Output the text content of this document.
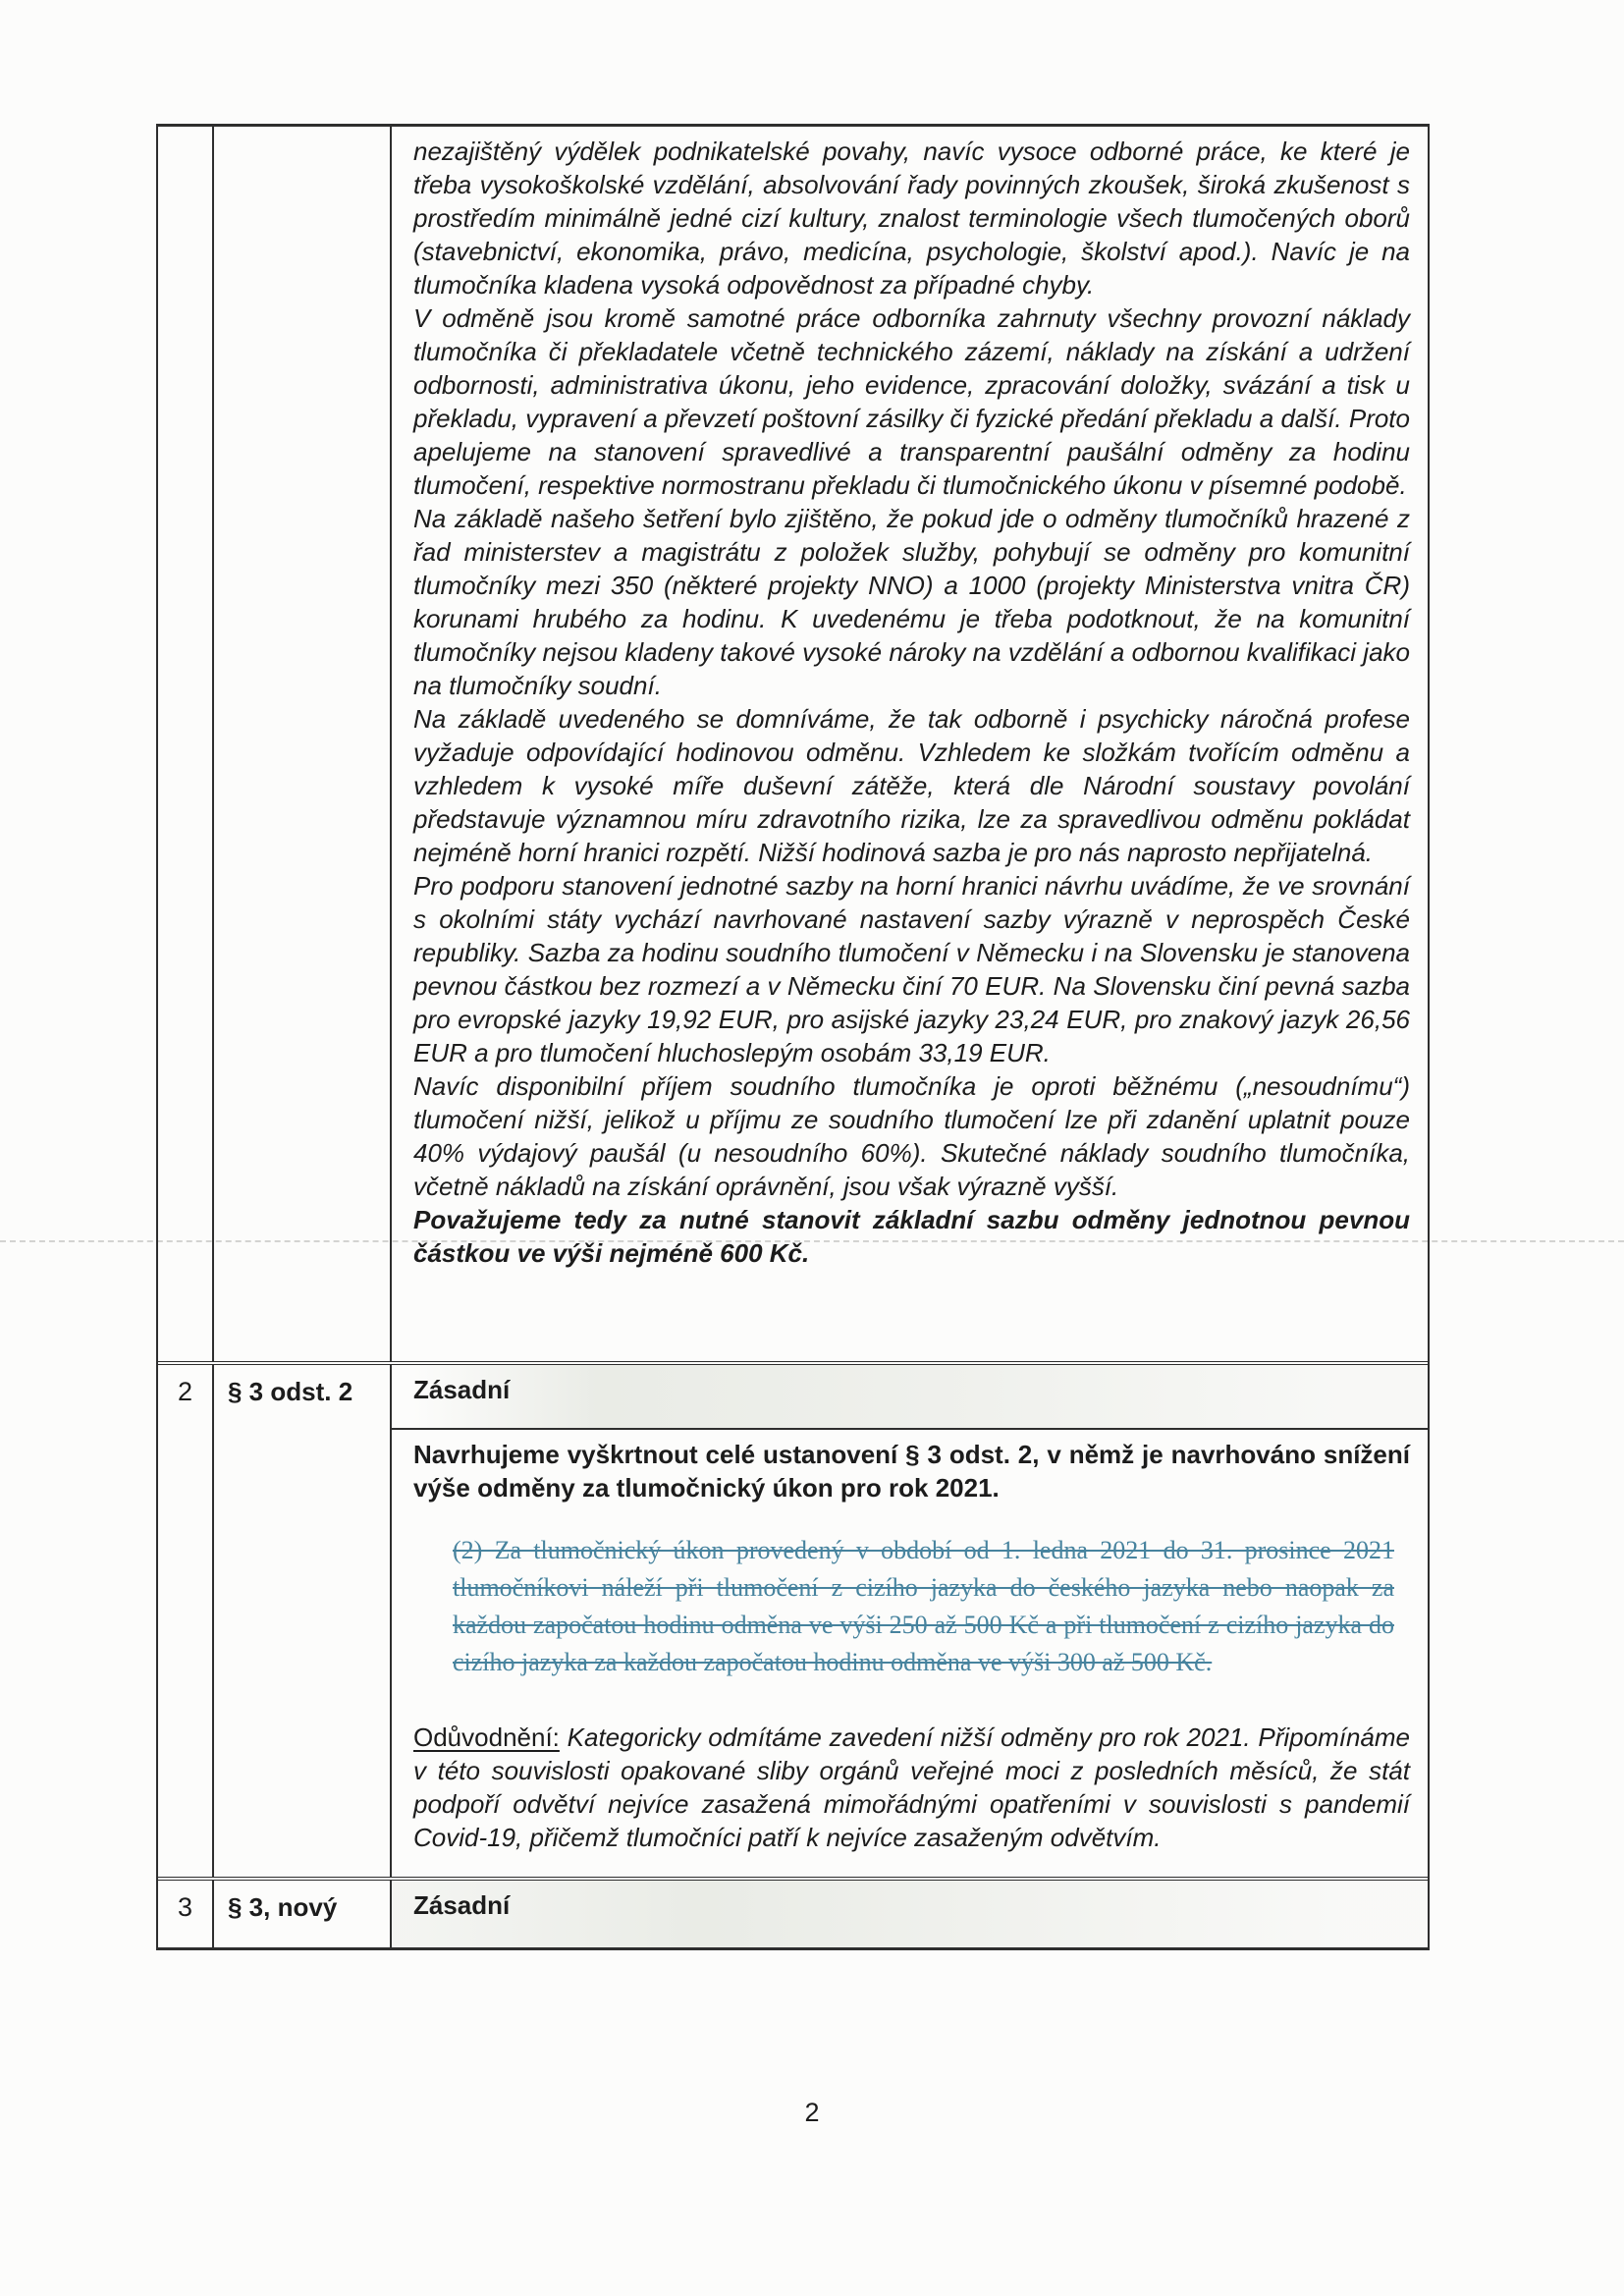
nezajištěný výdělek podnikatelské povahy, navíc vysoce odborné práce, ke které je třeba vysokoškolské vzdělání, absolvování řady povinných zkoušek, široká zkušenost s prostředím minimálně jedné cizí kultury, znalost terminologie všech tlumočených oborů (stavebnictví, ekonomika, právo, medicína, psychologie, školství apod.). Navíc je na tlumočníka kladena vysoká odpovědnost za případné chyby.

V odměně jsou kromě samotné práce odborníka zahrnuty všechny provozní náklady tlumočníka či překladatele včetně technického zázemí, náklady na získání a udržení odbornosti, administrativa úkonu, jeho evidence, zpracování doložky, svázání a tisk u překladu, vypravení a převzetí poštovní zásilky či fyzické předání překladu a další. Proto apelujeme na stanovení spravedlivé a transparentní paušální odměny za hodinu tlumočení, respektive normostranu překladu či tlumočnického úkonu v písemné podobě.

Na základě našeho šetření bylo zjištěno, že pokud jde o odměny tlumočníků hrazené z řad ministerstev a magistrátu z položek služby, pohybují se odměny pro komunitní tlumočníky mezi 350 (některé projekty NNO) a 1000 (projekty Ministerstva vnitra ČR) korunami hrubého za hodinu. K uvedenému je třeba podotknout, že na komunitní tlumočníky nejsou kladeny takové vysoké nároky na vzdělání a odbornou kvalifikaci jako na tlumočníky soudní.

Na základě uvedeného se domníváme, že tak odborně i psychicky náročná profese vyžaduje odpovídající hodinovou odměnu. Vzhledem ke složkám tvořícím odměnu a vzhledem k vysoké míře duševní zátěže, která dle Národní soustavy povolání představuje významnou míru zdravotního rizika, lze za spravedlivou odměnu pokládat nejméně horní hranici rozpětí. Nižší hodinová sazba je pro nás naprosto nepřijatelná.

Pro podporu stanovení jednotné sazby na horní hranici návrhu uvádíme, že ve srovnání s okolními státy vychází navrhované nastavení sazby výrazně v neprospěch České republiky. Sazba za hodinu soudního tlumočení v Německu i na Slovensku je stanovena pevnou částkou bez rozmezí a v Německu činí 70 EUR. Na Slovensku činí pevná sazba pro evropské jazyky 19,92 EUR, pro asijské jazyky 23,24 EUR, pro znakový jazyk 26,56 EUR a pro tlumočení hluchoslepým osobám 33,19 EUR.

Navíc disponibilní příjem soudního tlumočníka je oproti běžnému („nesoudnímu“) tlumočení nižší, jelikož u příjmu ze soudního tlumočení lze při zdanění uplatnit pouze 40% výdajový paušál (u nesoudního 60%). Skutečné náklady soudního tlumočníka, včetně nákladů na získání oprávnění, jsou však výrazně vyšší.

Považujeme tedy za nutné stanovit základní sazbu odměny jednotnou pevnou částkou ve výši nejméně 600 Kč.

2	§ 3 odst. 2	Zásadní

Navrhujeme vyškrtnout celé ustanovení § 3 odst. 2, v němž je navrhováno snížení výše odměny za tlumočnický úkon pro rok 2021.

(2) Za tlumočnický úkon provedený v období od 1. ledna 2021 do 31. prosince 2021 tlumočníkovi náleží při tlumočení z cizího jazyka do českého jazyka nebo naopak za každou započatou hodinu odměna ve výši 250 až 500 Kč a při tlumočení z cizího jazyka do cizího jazyka za každou započatou hodinu odměna ve výši 300 až 500 Kč.

Odůvodnění: Kategoricky odmítáme zavedení nižší odměny pro rok 2021. Připomínáme v této souvislosti opakované sliby orgánů veřejné moci z posledních měsíců, že stát podpoří odvětví nejvíce zasažená mimořádnými opatřeními v souvislosti s pandemií Covid-19, přičemž tlumočníci patří k nejvíce zasaženým odvětvím.

3	§ 3, nový	Zásadní
2
